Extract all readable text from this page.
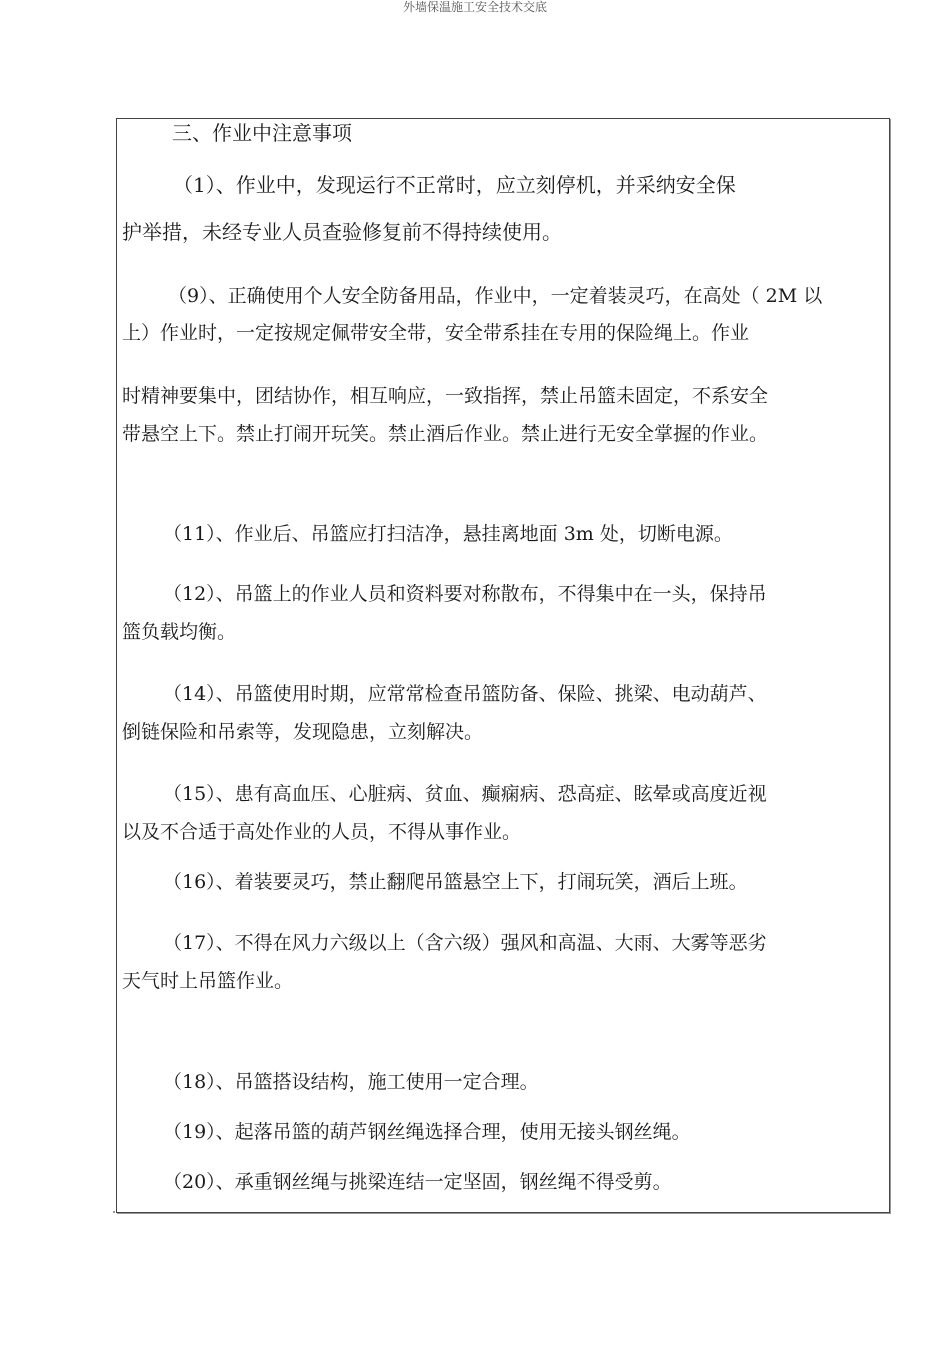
外墙保温施工安全技术交底
三、作业中注意事项
（1）、作业中，发现运行不正常时，应立刻停机，并采纳安全保
护举措，未经专业人员查验修复前不得持续使用。
（9）、正确使用个人安全防备用品，作业中，一定着装灵巧，在高处（ 2M 以
上）作业时，一定按规定佩带安全带，安全带系挂在专用的保险绳上。作业
时精神要集中，团结协作，相互响应，一致指挥，禁止吊篮未固定，不系安全
带悬空上下。禁止打闹开玩笑。禁止酒后作业。禁止进行无安全掌握的作业。
（11）、作业后、吊篮应打扫洁净，悬挂离地面 3m 处，切断电源。
（12）、吊篮上的作业人员和资料要对称散布，不得集中在一头，保持吊
篮负载均衡。
（14）、吊篮使用时期，应常常检查吊篮防备、保险、挑梁、电动葫芦、
倒链保险和吊索等，发现隐患，立刻解决。
（15）、患有高血压、心脏病、贫血、癫痫病、恐高症、眩晕或高度近视
以及不合适于高处作业的人员，不得从事作业。
（16）、着装要灵巧，禁止翻爬吊篮悬空上下，打闹玩笑，酒后上班。
（17）、不得在风力六级以上（含六级）强风和高温、大雨、大雾等恶劣
天气时上吊篮作业。
（18）、吊篮搭设结构，施工使用一定合理。
（19）、起落吊篮的葫芦钢丝绳选择合理，使用无接头钢丝绳。
（20）、承重钢丝绳与挑梁连结一定坚固，钢丝绳不得受剪。
